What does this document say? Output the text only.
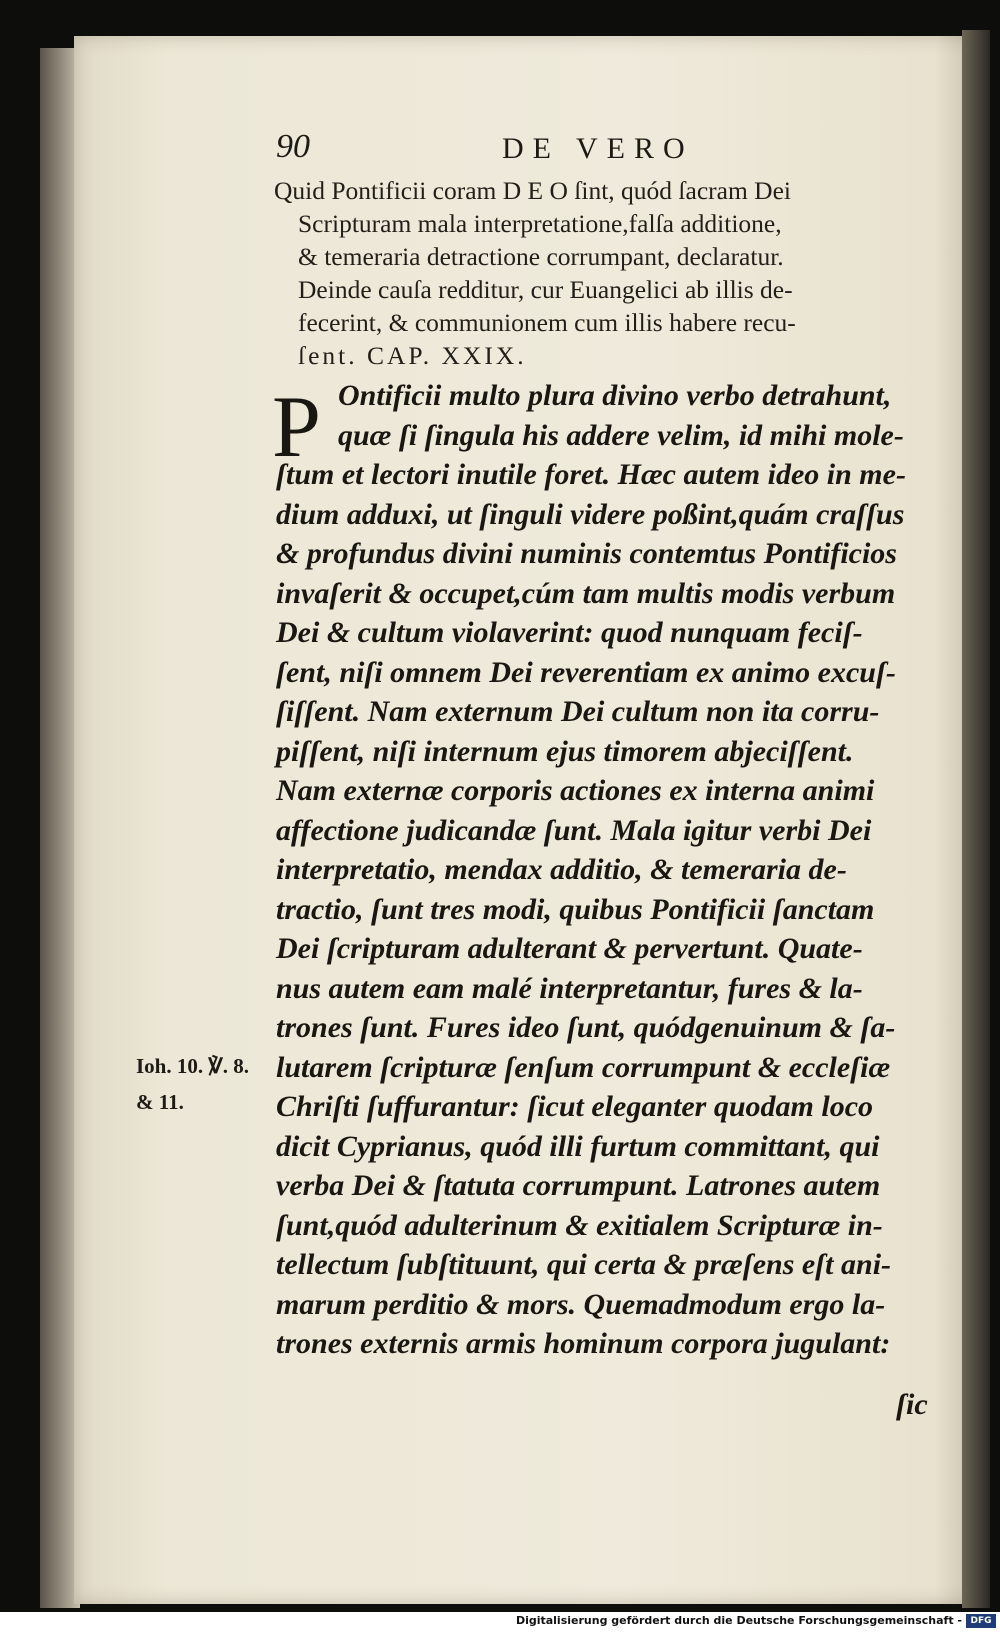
90	DE VERO
Quid Pontificii coram D E O ſint, quód ſacram Dei
Scripturam mala interpretatione,falſa additione,
& temeraria detractione corrumpant, declaratur.
Deinde cauſa redditur, cur Euangelici ab illis de-
fecerint, & communionem cum illis habere recu-
ſent. CAP. XXIX.
P Ontificii multo plura divino verbo detrahunt,
quæ ſi ſingula his addere velim, id mihi mole-
ſtum et lectori inutile foret. Hæc autem ideo in me-
dium adduxi, ut ſinguli videre poßint,quám craſſus
& profundus divini numinis contemtus Pontificios
invaſerit & occupet,cúm tam multis modis verbum
Dei & cultum violaverint: quod nunquam feciſ-
ſent, niſi omnem Dei reverentiam ex animo excuſ-
ſiſſent. Nam externum Dei cultum non ita corru-
piſſent, niſi internum ejus timorem abjeciſſent.
Nam externæ corporis actiones ex interna animi
affectione judicandæ ſunt. Mala igitur verbi Dei
interpretatio, mendax additio, & temeraria de-
tractio, ſunt tres modi, quibus Pontificii ſanctam
Dei ſcripturam adulterant & pervertunt. Quate-
nus autem eam malé interpretantur, fures & la-
trones ſunt. Fures ideo ſunt, quódgenuinum & ſa-
lutarem ſcripturæ ſenſum corrumpunt & eccleſiæ
Chriſti ſuffurantur: ſicut eleganter quodam loco
dicit Cyprianus, quód illi furtum committant, qui
verba Dei & ſtatuta corrumpunt. Latrones autem
ſunt,quód adulterinum & exitialem Scripturæ in-
tellectum ſubſtituunt, qui certa & præſens eſt ani-
marum perditio & mors. Quemadmodum ergo la-
trones externis armis hominum corpora jugulant:
Ioh. 10. ℣. 8.
& 11.
ſic
Digitalisierung gefördert durch die Deutsche Forschungsgemeinschaft - DFG
